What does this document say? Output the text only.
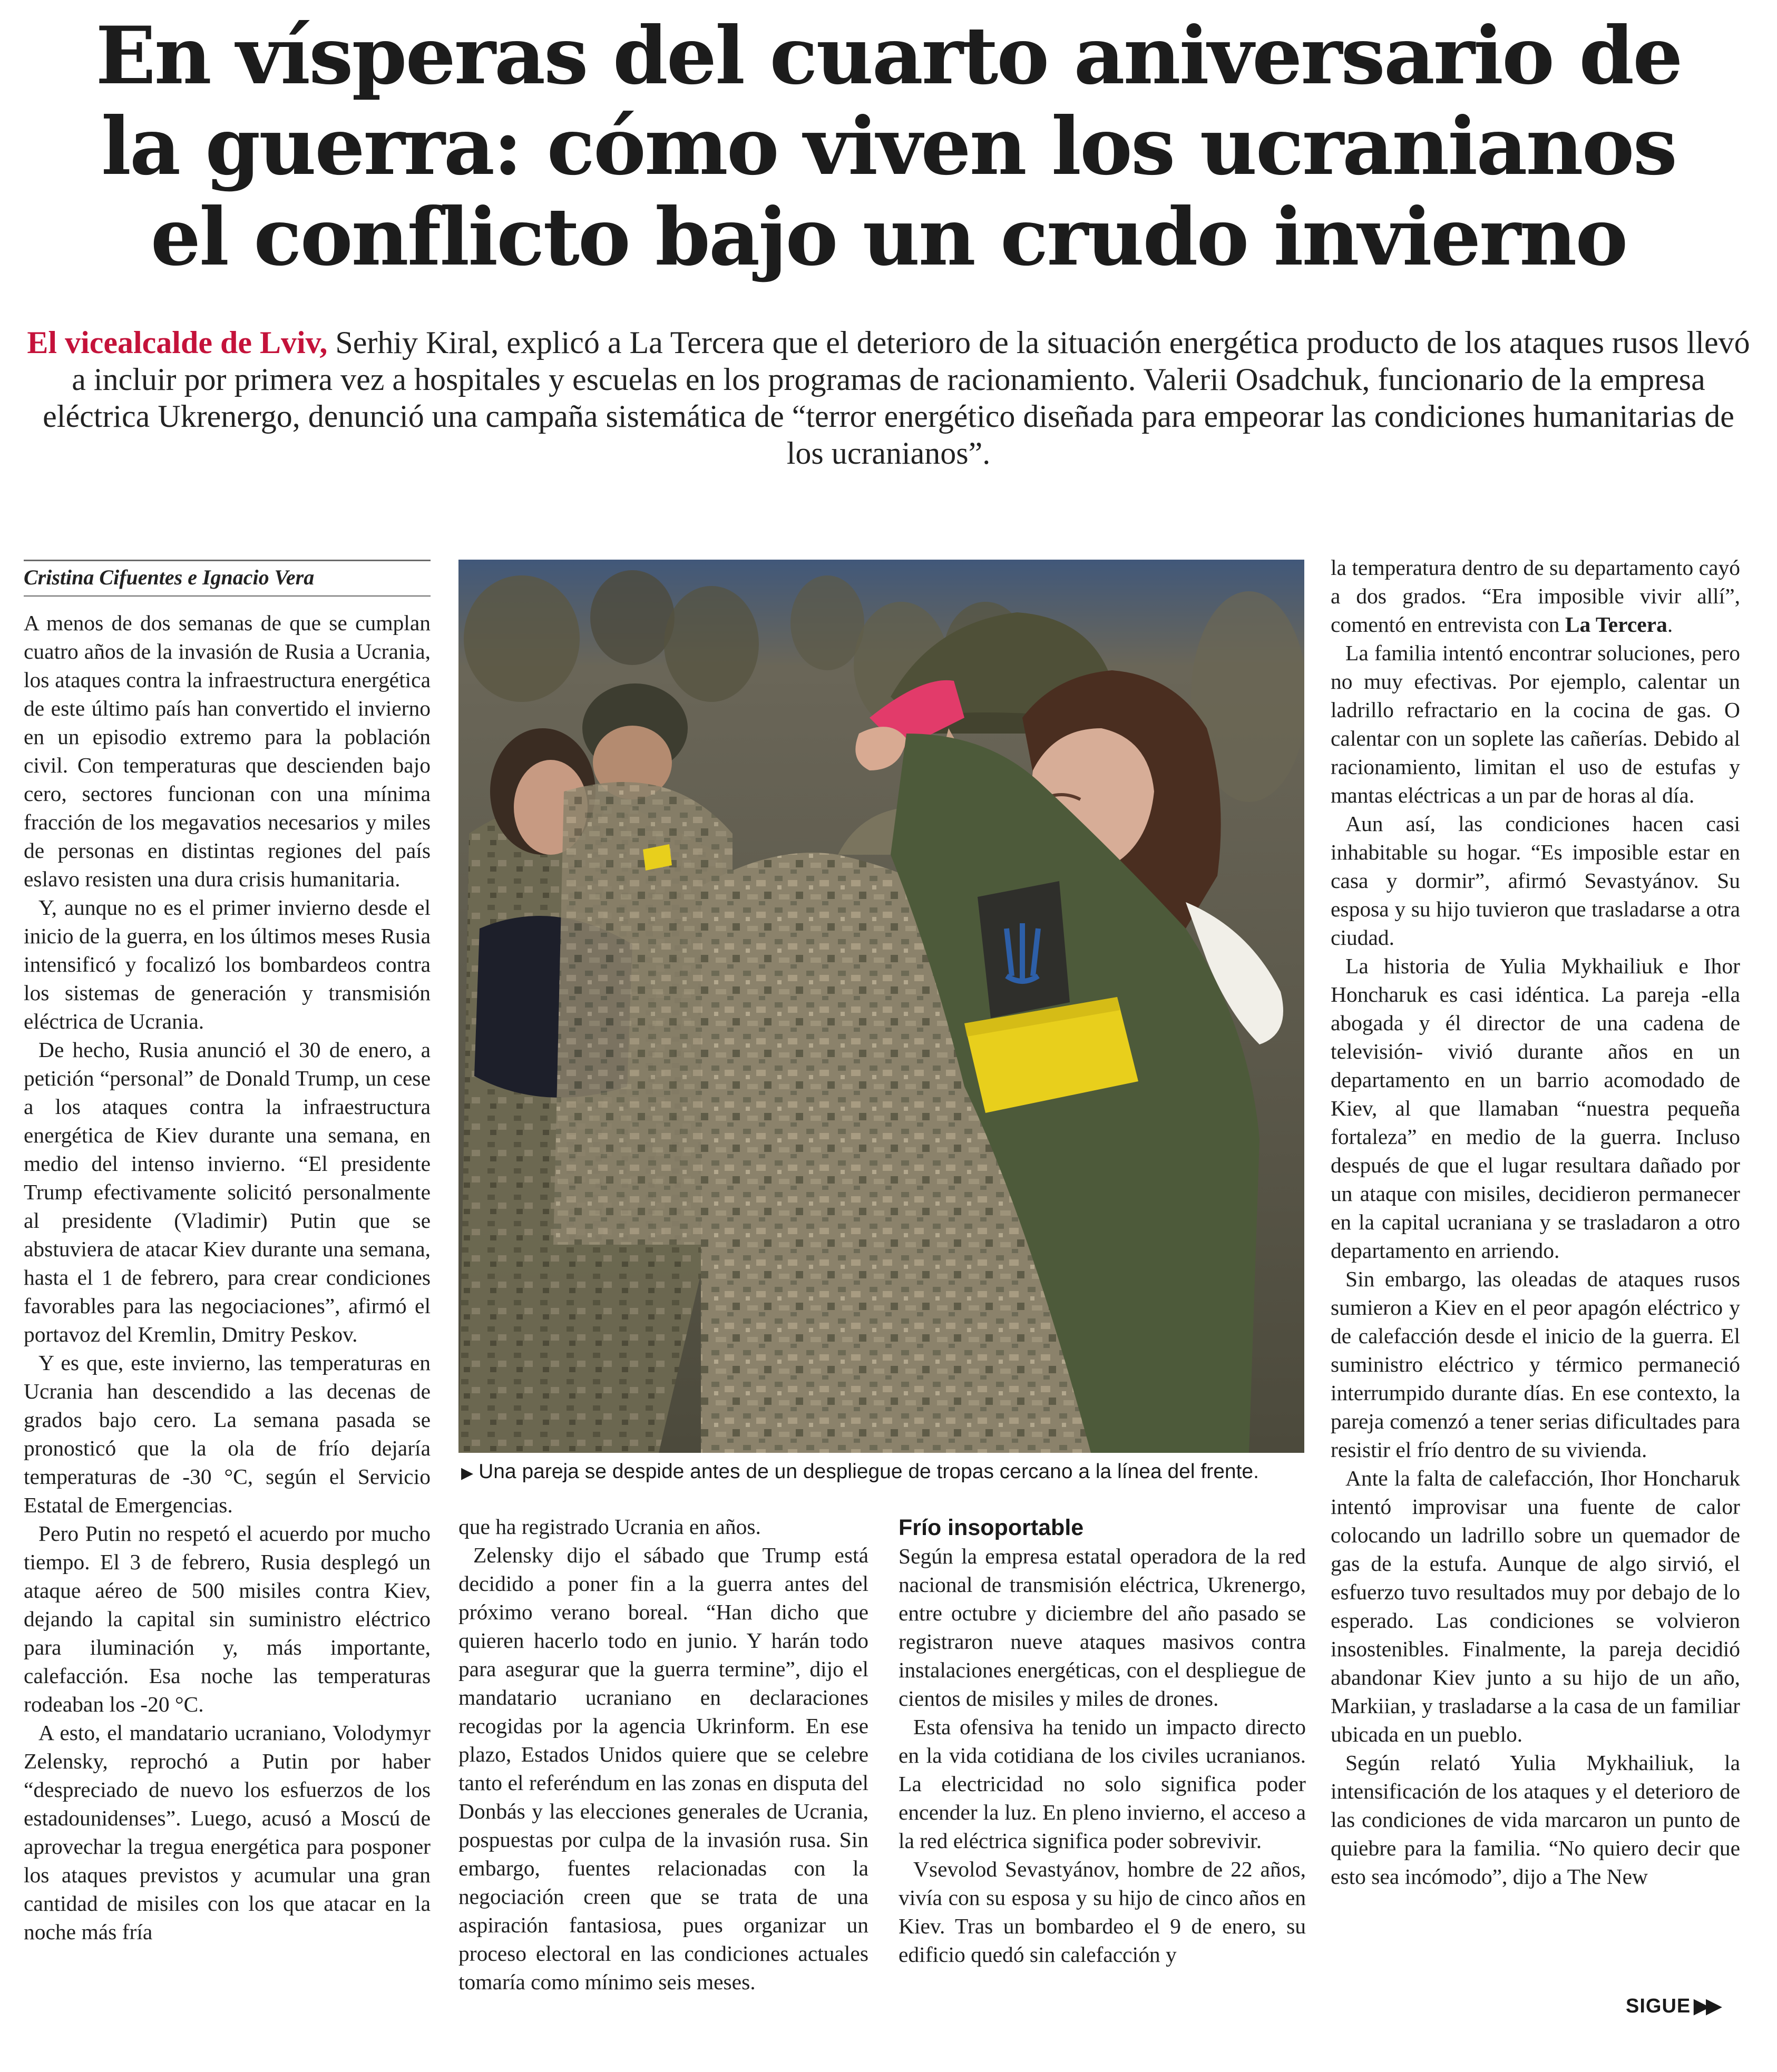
En vísperas del cuarto aniversario de la guerra: cómo viven los ucranianos el conflicto bajo un crudo invierno

El vicealcalde de Lviv, Serhiy Kiral, explicó a La Tercera que el deterioro de la situación energética producto de los ataques rusos llevó a incluir por primera vez a hospitales y escuelas en los programas de racionamiento. Valerii Osadchuk, funcionario de la empresa eléctrica Ukrenergo, denunció una campaña sistemática de “terror energético diseñada para empeorar las condiciones humanitarias de los ucranianos”.

Cristina Cifuentes e Ignacio Vera

A menos de dos semanas de que se cumplan cuatro años de la invasión de Rusia a Ucrania, los ataques contra la infraestructura energética de este último país han convertido el invierno en un episodio extremo para la población civil. Con temperaturas que descienden bajo cero, sectores funcionan con una mínima fracción de los megavatios necesarios y miles de personas en distintas regiones del país eslavo resisten una dura crisis humanitaria.

Y, aunque no es el primer invierno desde el inicio de la guerra, en los últimos meses Rusia intensificó y focalizó los bombardeos contra los sistemas de generación y transmisión eléctrica de Ucrania.

De hecho, Rusia anunció el 30 de enero, a petición “personal” de Donald Trump, un cese a los ataques contra la infraestructura energética de Kiev durante una semana, en medio del intenso invierno. “El presidente Trump efectivamente solicitó personalmente al presidente (Vladimir) Putin que se abstuviera de atacar Kiev durante una semana, hasta el 1 de febrero, para crear condiciones favorables para las negociaciones”, afirmó el portavoz del Kremlin, Dmitry Peskov.

Y es que, este invierno, las temperaturas en Ucrania han descendido a las decenas de grados bajo cero. La semana pasada se pronosticó que la ola de frío dejaría temperaturas de -30 °C, según el Servicio Estatal de Emergencias.

Pero Putin no respetó el acuerdo por mucho tiempo. El 3 de febrero, Rusia desplegó un ataque aéreo de 500 misiles contra Kiev, dejando la capital sin suministro eléctrico para iluminación y, más importante, calefacción. Esa noche las temperaturas rodeaban los -20 °C.

A esto, el mandatario ucraniano, Volodymyr Zelensky, reprochó a Putin por haber “despreciado de nuevo los esfuerzos de los estadounidenses”. Luego, acusó a Moscú de aprovechar la tregua energética para posponer los ataques previstos y acumular una gran cantidad de misiles con los que atacar en la noche más fría

▶ Una pareja se despide antes de un despliegue de tropas cercano a la línea del frente.

que ha registrado Ucrania en años.

Zelensky dijo el sábado que Trump está decidido a poner fin a la guerra antes del próximo verano boreal. “Han dicho que quieren hacerlo todo en junio. Y harán todo para asegurar que la guerra termine”, dijo el mandatario ucraniano en declaraciones recogidas por la agencia Ukrinform. En ese plazo, Estados Unidos quiere que se celebre tanto el referéndum en las zonas en disputa del Donbás y las elecciones generales de Ucrania, pospuestas por culpa de la invasión rusa. Sin embargo, fuentes relacionadas con la negociación creen que se trata de una aspiración fantasiosa, pues organizar un proceso electoral en las condiciones actuales tomaría como mínimo seis meses.

Frío insoportable

Según la empresa estatal operadora de la red nacional de transmisión eléctrica, Ukrenergo, entre octubre y diciembre del año pasado se registraron nueve ataques masivos contra instalaciones energéticas, con el despliegue de cientos de misiles y miles de drones.

Esta ofensiva ha tenido un impacto directo en la vida cotidiana de los civiles ucranianos. La electricidad no solo significa poder encender la luz. En pleno invierno, el acceso a la red eléctrica significa poder sobrevivir.

Vsevolod Sevastyánov, hombre de 22 años, vivía con su esposa y su hijo de cinco años en Kiev. Tras un bombardeo el 9 de enero, su edificio quedó sin calefacción y

la temperatura dentro de su departamento cayó a dos grados. “Era imposible vivir allí”, comentó en entrevista con La Tercera.

La familia intentó encontrar soluciones, pero no muy efectivas. Por ejemplo, calentar un ladrillo refractario en la cocina de gas. O calentar con un soplete las cañerías. Debido al racionamiento, limitan el uso de estufas y mantas eléctricas a un par de horas al día.

Aun así, las condiciones hacen casi inhabitable su hogar. “Es imposible estar en casa y dormir”, afirmó Sevastyánov. Su esposa y su hijo tuvieron que trasladarse a otra ciudad.

La historia de Yulia Mykhailiuk e Ihor Honcharuk es casi idéntica. La pareja -ella abogada y él director de una cadena de televisión- vivió durante años en un departamento en un barrio acomodado de Kiev, al que llamaban “nuestra pequeña fortaleza” en medio de la guerra. Incluso después de que el lugar resultara dañado por un ataque con misiles, decidieron permanecer en la capital ucraniana y se trasladaron a otro departamento en arriendo.

Sin embargo, las oleadas de ataques rusos sumieron a Kiev en el peor apagón eléctrico y de calefacción desde el inicio de la guerra. El suministro eléctrico y térmico permaneció interrumpido durante días. En ese contexto, la pareja comenzó a tener serias dificultades para resistir el frío dentro de su vivienda.

Ante la falta de calefacción, Ihor Honcharuk intentó improvisar una fuente de calor colocando un ladrillo sobre un quemador de gas de la estufa. Aunque de algo sirvió, el esfuerzo tuvo resultados muy por debajo de lo esperado. Las condiciones se volvieron insostenibles. Finalmente, la pareja decidió abandonar Kiev junto a su hijo de un año, Markiian, y trasladarse a la casa de un familiar ubicada en un pueblo.

Según relató Yulia Mykhailiuk, la intensificación de los ataques y el deterioro de las condiciones de vida marcaron un punto de quiebre para la familia. “No quiero decir que esto sea incómodo”, dijo a The New

SIGUE ▶▶
